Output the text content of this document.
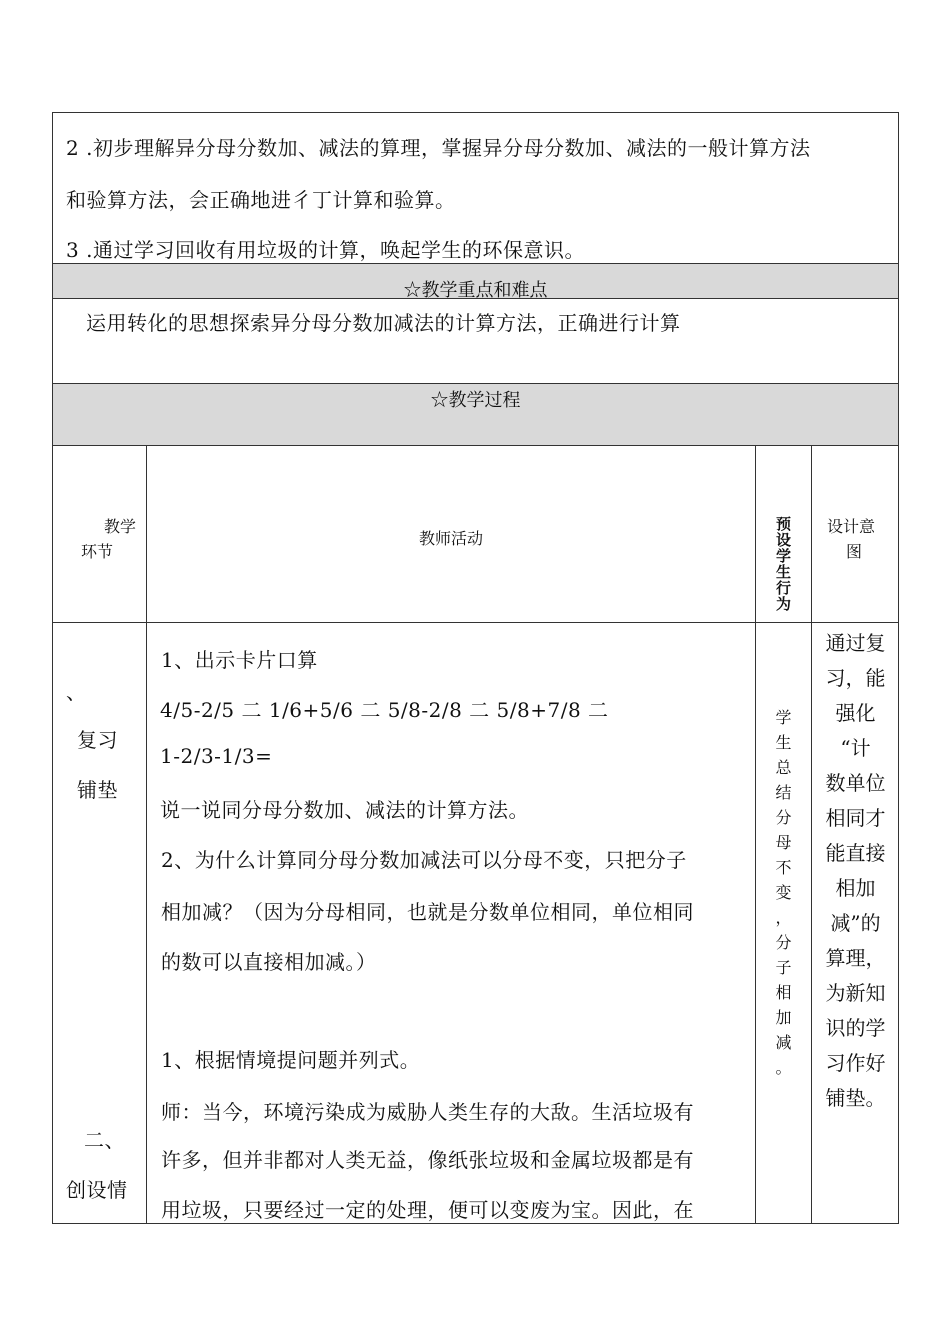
2 .初步理解异分母分数加、减法的算理，掌握异分母分数加、减法的一般计算方法
和验算方法，会正确地进彳丁计算和验算。
3 .通过学习回收有用垃圾的计算，唤起学生的环保意识。
☆教学重点和难点
运用转化的思想探索异分母分数加减法的计算方法，正确进行计算
☆教学过程
教学
环节
教师活动
预
设
学
生
行
为
设计意
图
、
复习
铺垫
1、出示卡片口算
4/5-2/5 二 1/6+5/6 二 5/8-2/8 二 5/8+7/8 二
1-2/3-1/3=
说一说同分母分数加、减法的计算方法。
2、为什么计算同分母分数加减法可以分母不变，只把分子
相加减？（因为分母相同，也就是分数单位相同，单位相同
的数可以直接相加减。）
学
生
总
结
分
母
不
变
，
分
子
相
加
减
。
通过复
习，能
强化
“计
数单位
相同才
能直接
相加
减”的
算理，
为新知
识的学
习作好
铺垫。
二、
创设情
1、根据情境提问题并列式。
师：当今，环境污染成为威胁人类生存的大敌。生活垃圾有
许多，但并非都对人类无益，像纸张垃圾和金属垃圾都是有
用垃圾，只要经过一定的处理，便可以变废为宝。因此，在
